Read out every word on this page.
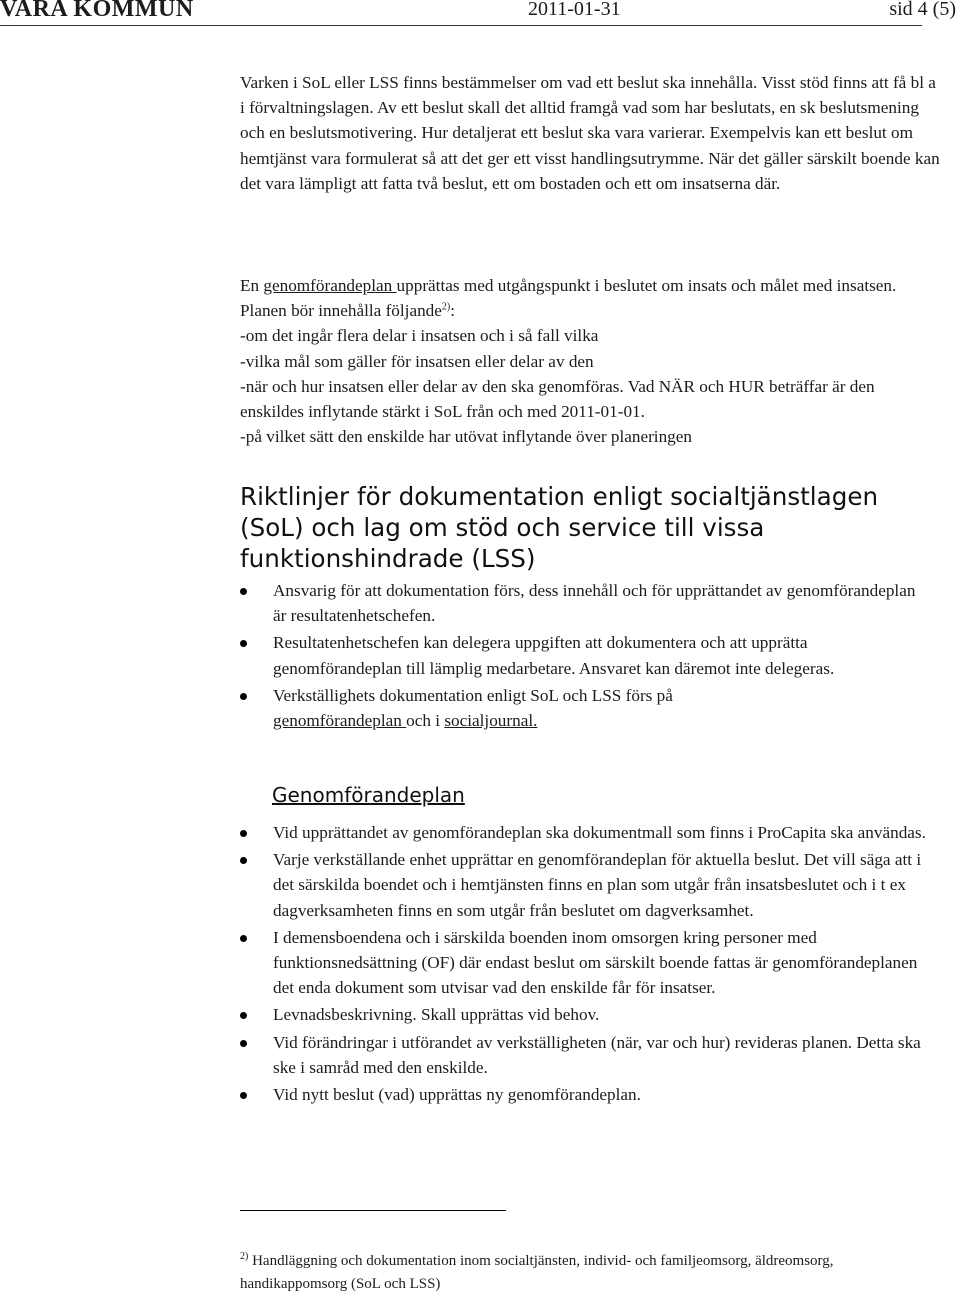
VARA KOMMUN	2011-01-31	sid 4 (5)

Varken i SoL eller LSS finns bestämmelser om vad ett beslut ska innehålla. Visst stöd finns att få bl a i förvaltningslagen. Av ett beslut skall det alltid framgå vad som har beslutats, en sk beslutsmening och en beslutsmotivering. Hur detaljerat ett beslut ska vara varierar. Exempelvis kan ett beslut om hemtjänst vara formulerat så att det ger ett visst handlingsutrymme. När det gäller särskilt boende kan det vara lämpligt att fatta två beslut, ett om bostaden och ett om insatserna där.

En genomförandeplan upprättas med utgångspunkt i beslutet om insats och målet med insatsen. Planen bör innehålla följande$^{2)}$:
-om det ingår flera delar i insatsen och i så fall vilka
-vilka mål som gäller för insatsen eller delar av den
-när och hur insatsen eller delar av den ska genomföras. Vad NÄR och HUR beträffar är den enskildes inflytande stärkt i SoL från och med 2011-01-01.
-på vilket sätt den enskilde har utövat inflytande över planeringen

Riktlinjer för dokumentation enligt socialtjänstlagen (SoL) och lag om stöd och service till vissa funktionshindrade (LSS)
Ansvarig för att dokumentation förs, dess innehåll och för upprättandet av genomförandeplan är resultatenhetschefen.
Resultatenhetschefen kan delegera uppgiften att dokumentera och att upprätta genomförandeplan till lämplig medarbetare. Ansvaret kan däremot inte delegeras.
Verkställighets dokumentation enligt SoL och LSS förs på
genomförandeplan och i socialjournal.
Genomförandeplan
Vid upprättandet av genomförandeplan ska dokumentmall som finns i ProCapita ska användas.
Varje verkställande enhet upprättar en genomförandeplan för aktuella beslut. Det vill säga att i det särskilda boendet och i hemtjänsten finns en plan som utgår från insatsbeslutet och i t ex dagverksamheten finns en som utgår från beslutet om dagverksamhet.
I demensboendena och i särskilda boenden inom omsorgen kring personer med funktionsnedsättning (OF) där endast beslut om särskilt boende fattas är genomförandeplanen det enda dokument som utvisar vad den enskilde får för insatser.
Levnadsbeskrivning. Skall upprättas vid behov.
Vid förändringar i utförandet av verkställigheten (när, var och hur) revideras planen. Detta ska ske i samråd med den enskilde.
Vid nytt beslut (vad) upprättas ny genomförandeplan.

$^{2)}$ Handläggning och dokumentation inom socialtjänsten, individ- och familjeomsorg, äldreomsorg, handikappomsorg (SoL och LSS)
